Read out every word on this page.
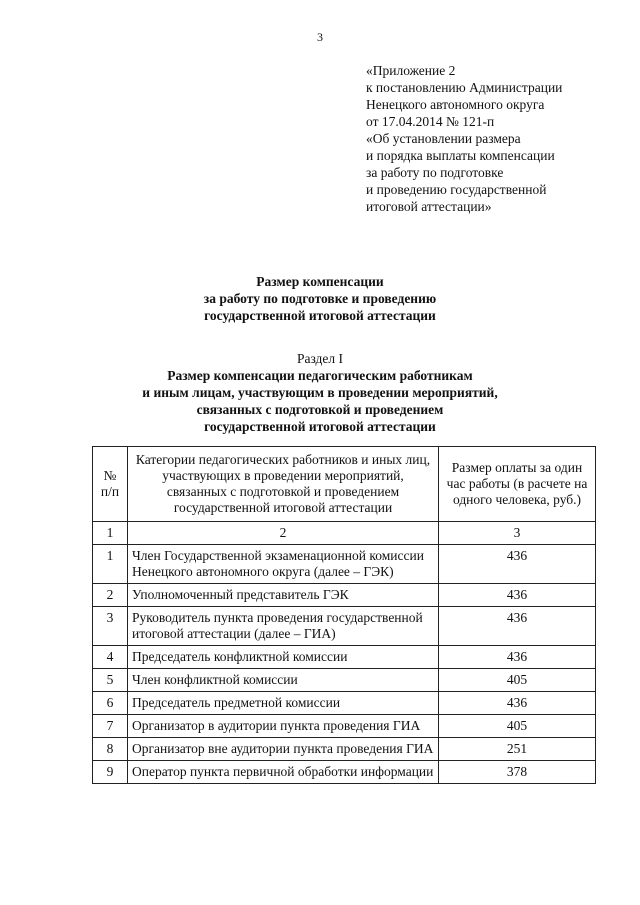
3
«Приложение 2
к постановлению Администрации
Ненецкого автономного округа
от 17.04.2014 № 121-п
«Об установлении размера
и порядка выплаты компенсации
за работу по подготовке
и проведению государственной
итоговой аттестации»
Размер компенсации
за работу по подготовке и проведению
государственной итоговой аттестации
Раздел I
Размер компенсации педагогическим работникам
и иным лицам, участвующим в проведении мероприятий,
связанных с подготовкой и проведением
государственной итоговой аттестации
№
п/п	Категории педагогических работников и иных лиц, участвующих в проведении мероприятий, связанных с подготовкой и проведением государственной итоговой аттестации	Размер оплаты за один час работы (в расчете на одного человека, руб.)
1	2	3
1	Член Государственной экзаменационной комиссии Ненецкого автономного округа (далее – ГЭК)	436
2	Уполномоченный представитель ГЭК	436
3	Руководитель пункта проведения государственной итоговой аттестации (далее – ГИА)	436
4	Председатель конфликтной комиссии	436
5	Член конфликтной комиссии	405
6	Председатель предметной комиссии	436
7	Организатор в аудитории пункта проведения ГИА	405
8	Организатор вне аудитории пункта проведения ГИА	251
9	Оператор пункта первичной обработки информации	378
